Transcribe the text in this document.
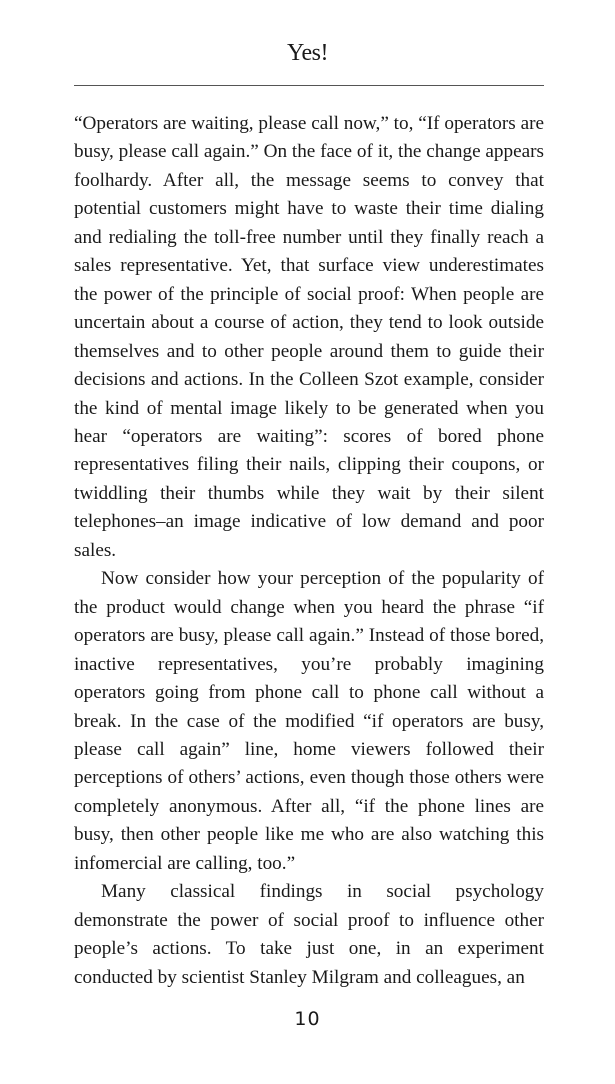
Yes!

“Operators are waiting, please call now,” to, “If operators are busy, please call again.” On the face of it, the change appears foolhardy. After all, the message seems to convey that potential customers might have to waste their time dialing and redialing the toll-free number until they finally reach a sales representative. Yet, that surface view underestimates the power of the principle of social proof: When people are uncertain about a course of action, they tend to look outside themselves and to other people around them to guide their decisions and actions. In the Colleen Szot example, consider the kind of mental image likely to be generated when you hear “operators are waiting”: scores of bored phone representatives filing their nails, clipping their coupons, or twiddling their thumbs while they wait by their silent telephones–an image indicative of low demand and poor sales.

Now consider how your perception of the popularity of the product would change when you heard the phrase “if operators are busy, please call again.” Instead of those bored, inactive representatives, you’re probably imagining operators going from phone call to phone call without a break. In the case of the modified “if operators are busy, please call again” line, home viewers followed their perceptions of others’ actions, even though those others were completely anonymous. After all, “if the phone lines are busy, then other people like me who are also watching this infomercial are calling, too.”

Many classical findings in social psychology demonstrate the power of social proof to influence other people’s actions. To take just one, in an experiment conducted by scientist Stanley Milgram and colleagues, an

10
